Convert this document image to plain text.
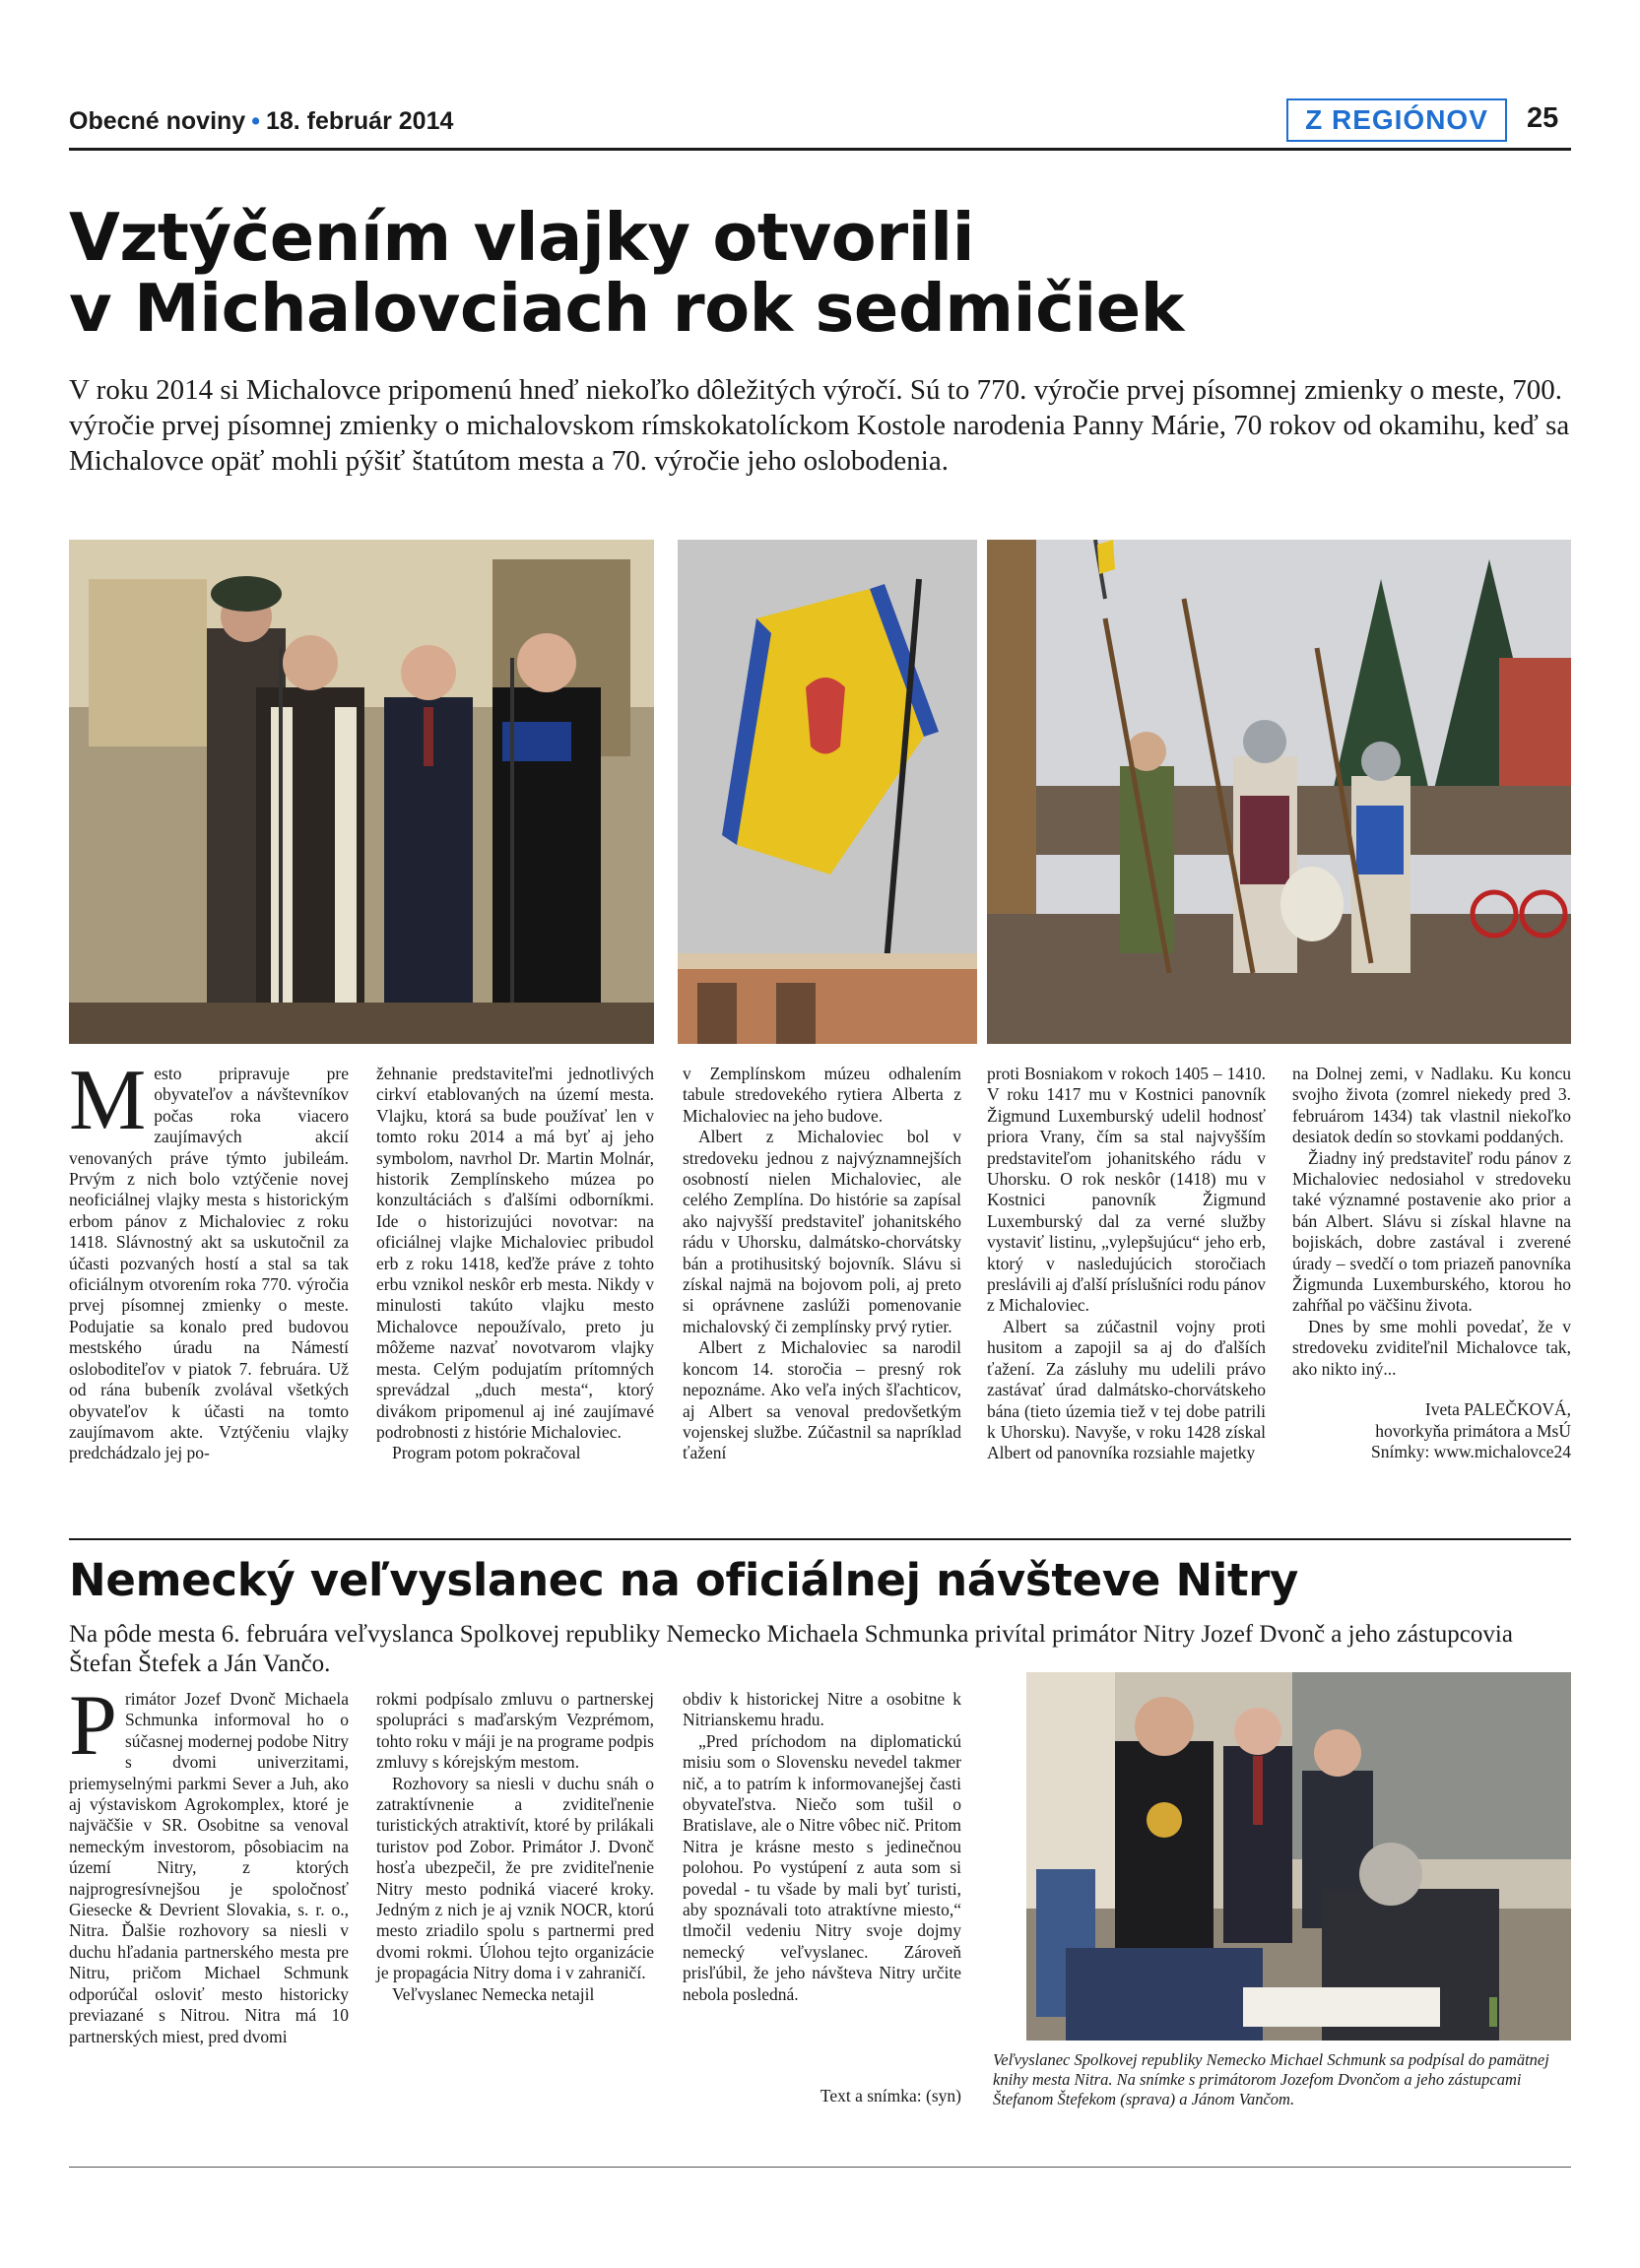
Obecné noviny • 18. február 2014	Z REGIÓNOV	25
Vztýčením vlajky otvorili
v Michalovciach rok sedmičiek
V roku 2014 si Michalovce pripomenú hneď niekoľko dôležitých výročí. Sú to 770. výročie prvej písomnej zmienky o meste, 700. výročie prvej písomnej zmienky o michalovskom rímskokatolíckom Kostole narodenia Panny Márie, 70 rokov od okamihu, keď sa Michalovce opäť mohli pýšiť štatútom mesta a 70. výročie jeho oslobodenia.
M esto pripravuje pre obyvateľov a návštevníkov počas roka viacero zaujímavých akcií venovaných práve týmto jubileám. Prvým z nich bolo vztýčenie novej neoficiálnej vlajky mesta s historickým erbom pánov z Michaloviec z roku 1418. Slávnostný akt sa uskutočnil za účasti pozvaných hostí a stal sa tak oficiálnym otvorením roka 770. výročia prvej písomnej zmienky o meste. Podujatie sa konalo pred budovou mestského úradu na Námestí osloboditeľov v piatok 7. februára. Už od rána bubeník zvolával všetkých obyvateľov k účasti na tomto zaujímavom akte. Vztýčeniu vlajky predchádzalo jej po-

žehnanie predstaviteľmi jednotlivých cirkví etablovaných na území mesta. Vlajku, ktorá sa bude používať len v tomto roku 2014 a má byť aj jeho symbolom, navrhol Dr. Martin Molnár, historik Zemplínskeho múzea po konzultáciách s ďalšími odborníkmi. Ide o historizujúci novotvar: na oficiálnej vlajke Michaloviec pribudol erb z roku 1418, keďže práve z tohto erbu vznikol neskôr erb mesta. Nikdy v minulosti takúto vlajku mesto Michalovce nepoužívalo, preto ju môžeme nazvať novotvarom vlajky mesta. Celým podujatím prítomných sprevádzal „duch mesta“, ktorý divákom pripomenul aj iné zaujímavé podrobnosti z histórie Michaloviec.

Program potom pokračoval

v Zemplínskom múzeu odhalením tabule stredovekého rytiera Alberta z Michaloviec na jeho budove.

Albert z Michaloviec bol v stredoveku jednou z najvýznamnejších osobností nielen Michaloviec, ale celého Zemplína. Do histórie sa zapísal ako najvyšší predstaviteľ johanitského rádu v Uhorsku, dalmátsko-chorvátsky bán a protihusitský bojovník. Slávu si získal najmä na bojovom poli, aj preto si oprávnene zaslúži pomenovanie michalovský či zemplínsky prvý rytier.

Albert z Michaloviec sa narodil koncom 14. storočia – presný rok nepoznáme. Ako veľa iných šľachticov, aj Albert sa venoval predovšetkým vojenskej službe. Zúčastnil sa napríklad ťažení

proti Bosniakom v rokoch 1405 – 1410. V roku 1417 mu v Kostnici panovník Žigmund Luxemburský udelil hodnosť priora Vrany, čím sa stal najvyšším predstaviteľom johanitského rádu v Uhorsku. O rok neskôr (1418) mu v Kostnici panovník Žigmund Luxemburský dal za verné služby vystaviť listinu, „vylepšujúcu“ jeho erb, ktorý v nasledujúcich storočiach preslávili aj ďalší príslušníci rodu pánov z Michaloviec.

Albert sa zúčastnil vojny proti husitom a zapojil sa aj do ďalších ťažení. Za zásluhy mu udelili právo zastávať úrad dalmátsko-chorvátskeho bána (tieto územia tiež v tej dobe patrili k Uhorsku). Navyše, v roku 1428 získal Albert od panovníka rozsiahle majetky

na Dolnej zemi, v Nadlaku. Ku koncu svojho života (zomrel niekedy pred 3. februárom 1434) tak vlastnil niekoľko desiatok dedín so stovkami poddaných.

Žiadny iný predstaviteľ rodu pánov z Michaloviec nedosiahol v stredoveku také významné postavenie ako prior a bán Albert. Slávu si získal hlavne na bojiskách, dobre zastával i zverené úrady – svedčí o tom priazeň panovníka Žigmunda Luxemburského, ktorou ho zahŕňal po väčšinu života.

Dnes by sme mohli povedať, že v stredoveku zviditeľnil Michalovce tak, ako nikto iný...

Iveta PALEČKOVÁ,

hovorkyňa primátora a MsÚ

Snímky: www.michalovce24

Nemecký veľvyslanec na oficiálnej návšteve Nitry
Na pôde mesta 6. februára veľvyslanca Spolkovej republiky Nemecko Michaela Schmunka privítal primátor Nitry Jozef Dvonč a jeho zástupcovia Štefan Štefek a Ján Vančo.
P rimátor Jozef Dvonč Michaela Schmunka informoval ho o súčasnej modernej podobe Nitry s dvomi univerzitami, priemyselnými parkmi Sever a Juh, ako aj výstaviskom Agrokomplex, ktoré je najväčšie v SR. Osobitne sa venoval nemeckým investorom, pôsobiacim na území Nitry, z ktorých najprogresívnejšou je spoločnosť Giesecke & Devrient Slovakia, s. r. o., Nitra. Ďalšie rozhovory sa niesli v duchu hľadania partnerského mesta pre Nitru, pričom Michael Schmunk odporúčal osloviť mesto historicky previazané s Nitrou. Nitra má 10 partnerských miest, pred dvomi

rokmi podpísalo zmluvu o partnerskej spolupráci s maďarským Vezprémom, tohto roku v máji je na programe podpis zmluvy s kórejským mestom.

Rozhovory sa niesli v duchu snáh o zatraktívnenie a zviditeľnenie turistických atraktivít, ktoré by prilákali turistov pod Zobor. Primátor J. Dvonč hosťa ubezpečil, že pre zviditeľnenie Nitry mesto podniká viaceré kroky. Jedným z nich je aj vznik NOCR, ktorú mesto zriadilo spolu s partnermi pred dvomi rokmi. Úlohou tejto organizácie je propagácia Nitry doma i v zahraničí.

Veľvyslanec Nemecka netajil

obdiv k historickej Nitre a osobitne k Nitrianskemu hradu.

„Pred príchodom na diplomatickú misiu som o Slovensku nevedel takmer nič, a to patrím k informovanejšej časti obyvateľstva. Niečo som tušil o Bratislave, ale o Nitre vôbec nič. Pritom Nitra je krásne mesto s jedinečnou polohou. Po vystúpení z auta som si povedal - tu všade by mali byť turisti, aby spoznávali toto atraktívne miesto,“ tlmočil vedeniu Nitry svoje dojmy nemecký veľvyslanec. Zároveň prisľúbil, že jeho návšteva Nitry určite nebola posledná.

Text a snímka: (syn)
Veľvyslanec Spolkovej republiky Nemecko Michael Schmunk sa podpísal do pamätnej knihy mesta Nitra. Na snímke s primátorom Jozefom Dvončom a jeho zástupcami Štefanom Štefekom (sprava) a Jánom Vančom.
